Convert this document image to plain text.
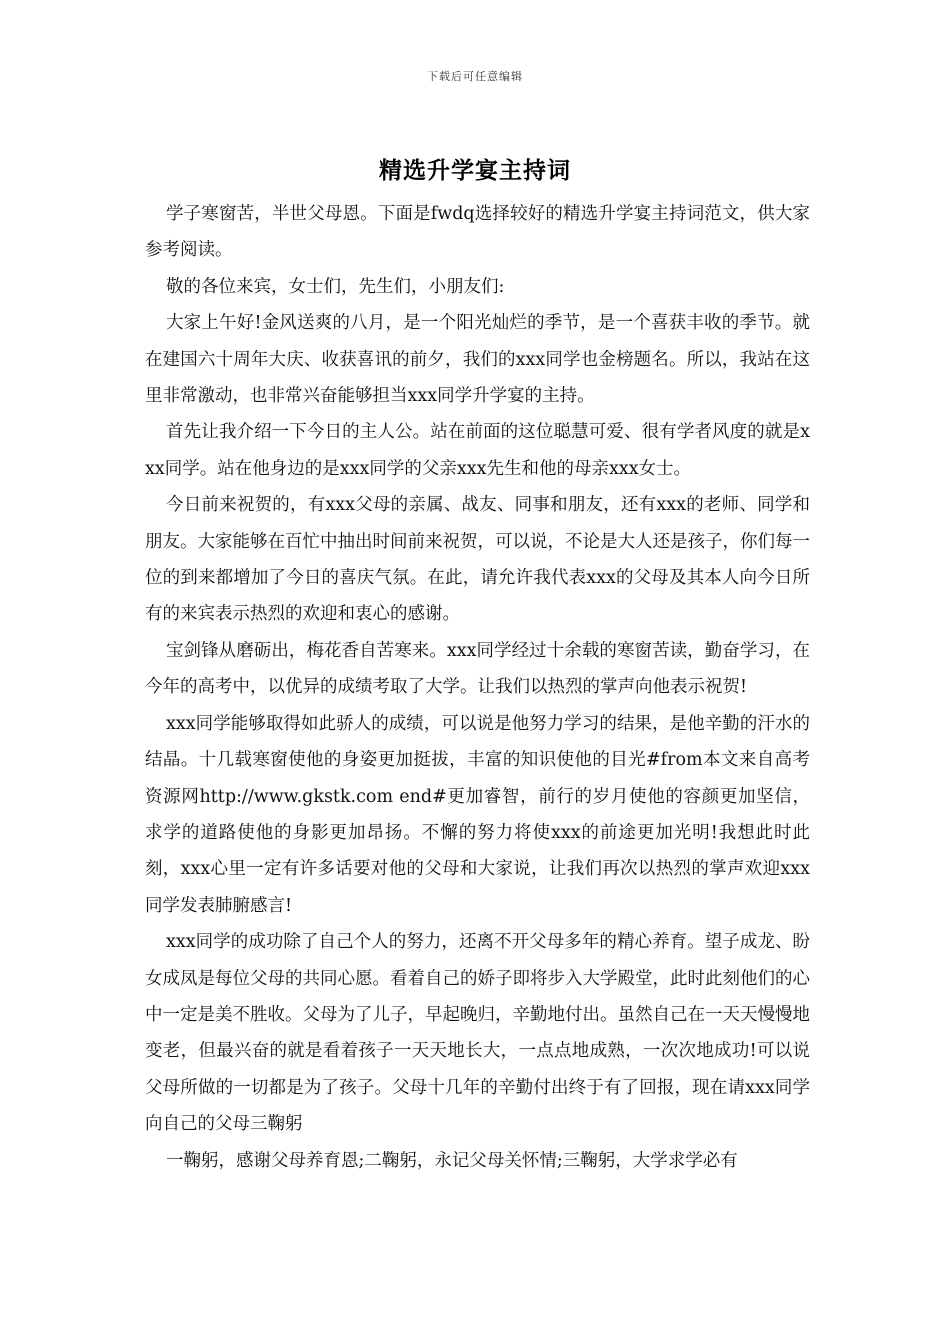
下载后可任意编辑
精选升学宴主持词

学子寒窗苦，半世父母恩。下面是fwdq选择较好的精选升学宴主持词范文，供大家参考阅读。

敬的各位来宾，女士们，先生们，小朋友们:

大家上午好!金风送爽的八月，是一个阳光灿烂的季节，是一个喜获丰收的季节。就在建国六十周年大庆、收获喜讯的前夕，我们的xxx同学也金榜题名。所以，我站在这里非常激动，也非常兴奋能够担当xxx同学升学宴的主持。

首先让我介绍一下今日的主人公。站在前面的这位聪慧可爱、很有学者风度的就是xxx同学。站在他身边的是xxx同学的父亲xxx先生和他的母亲xxx女士。

今日前来祝贺的，有xxx父母的亲属、战友、同事和朋友，还有xxx的老师、同学和朋友。大家能够在百忙中抽出时间前来祝贺，可以说，不论是大人还是孩子，你们每一位的到来都增加了今日的喜庆气氛。在此，请允许我代表xxx的父母及其本人向今日所有的来宾表示热烈的欢迎和衷心的感谢。

宝剑锋从磨砺出，梅花香自苦寒来。xxx同学经过十余载的寒窗苦读，勤奋学习，在今年的高考中，以优异的成绩考取了大学。让我们以热烈的掌声向他表示祝贺!

xxx同学能够取得如此骄人的成绩，可以说是他努力学习的结果，是他辛勤的汗水的结晶。十几载寒窗使他的身姿更加挺拔，丰富的知识使他的目光#from本文来自高考资源网http://www.gkstk.com end#更加睿智，前行的岁月使他的容颜更加坚信，求学的道路使他的身影更加昂扬。不懈的努力将使xxx的前途更加光明!我想此时此刻，xxx心里一定有许多话要对他的父母和大家说，让我们再次以热烈的掌声欢迎xxx同学发表肺腑感言!

xxx同学的成功除了自己个人的努力，还离不开父母多年的精心养育。望子成龙、盼女成凤是每位父母的共同心愿。看着自己的娇子即将步入大学殿堂，此时此刻他们的心中一定是美不胜收。父母为了儿子，早起晚归，辛勤地付出。虽然自己在一天天慢慢地变老，但最兴奋的就是看着孩子一天天地长大，一点点地成熟，一次次地成功!可以说父母所做的一切都是为了孩子。父母十几年的辛勤付出终于有了回报，现在请xxx同学向自己的父母三鞠躬

一鞠躬，感谢父母养育恩;二鞠躬，永记父母关怀情;三鞠躬，大学求学必有
